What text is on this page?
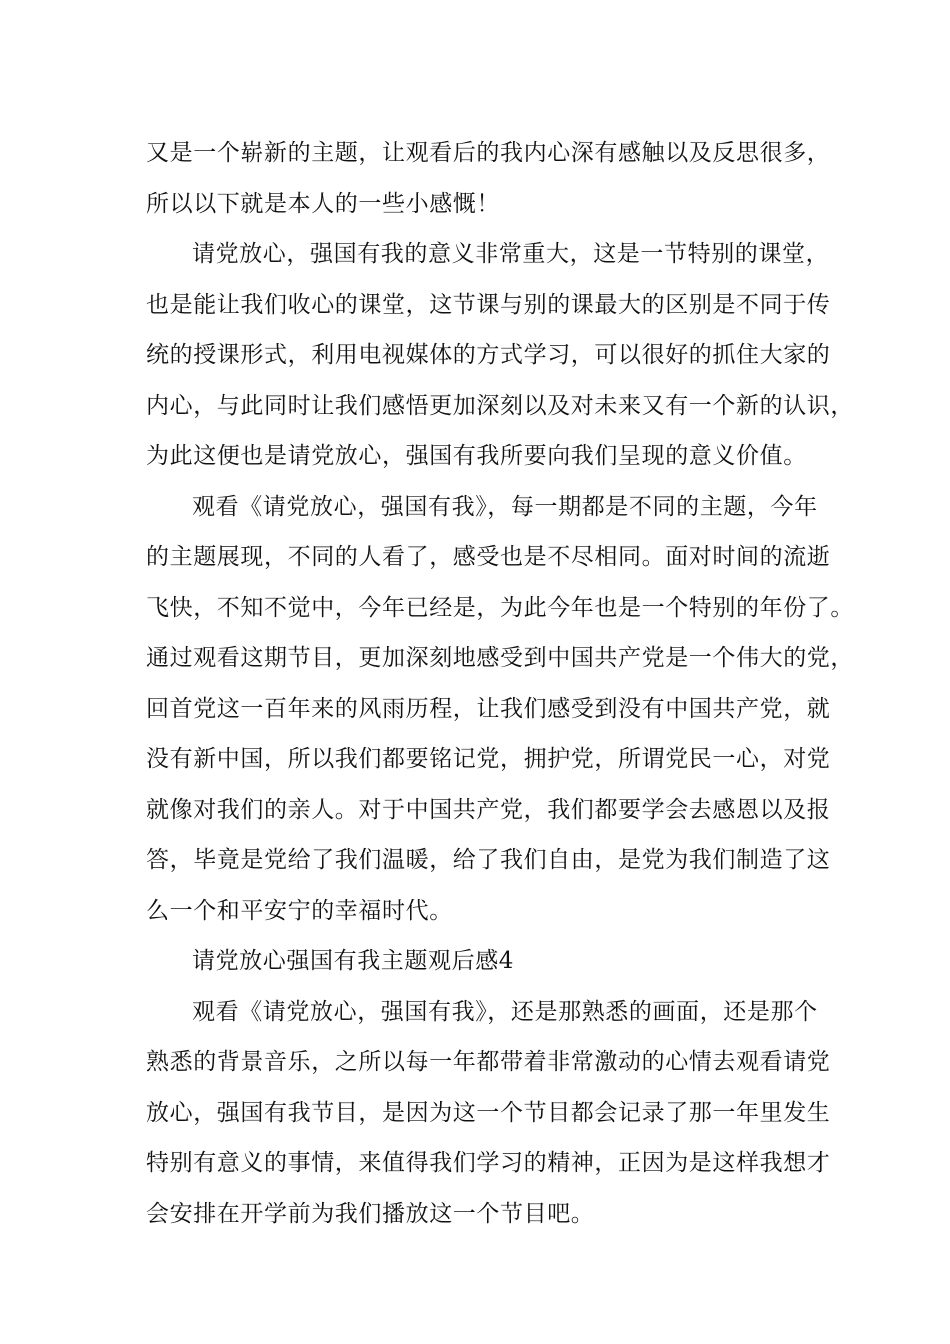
又是一个崭新的主题，让观看后的我内心深有感触以及反思很多，
所以以下就是本人的一些小感慨！
请党放心，强国有我的意义非常重大，这是一节特别的课堂，
也是能让我们收心的课堂，这节课与别的课最大的区别是不同于传
统的授课形式，利用电视媒体的方式学习，可以很好的抓住大家的
内心，与此同时让我们感悟更加深刻以及对未来又有一个新的认识，
为此这便也是请党放心，强国有我所要向我们呈现的意义价值。
观看《请党放心，强国有我》，每一期都是不同的主题，今年
的主题展现，不同的人看了，感受也是不尽相同。面对时间的流逝
飞快，不知不觉中，今年已经是，为此今年也是一个特别的年份了。
通过观看这期节目，更加深刻地感受到中国共产党是一个伟大的党，
回首党这一百年来的风雨历程，让我们感受到没有中国共产党，就
没有新中国，所以我们都要铭记党，拥护党，所谓党民一心，对党
就像对我们的亲人。对于中国共产党，我们都要学会去感恩以及报
答，毕竟是党给了我们温暖，给了我们自由，是党为我们制造了这
么一个和平安宁的幸福时代。
请党放心强国有我主题观后感4
观看《请党放心，强国有我》，还是那熟悉的画面，还是那个
熟悉的背景音乐，之所以每一年都带着非常激动的心情去观看请党
放心，强国有我节目，是因为这一个节目都会记录了那一年里发生
特别有意义的事情，来值得我们学习的精神，正因为是这样我想才
会安排在开学前为我们播放这一个节目吧。
